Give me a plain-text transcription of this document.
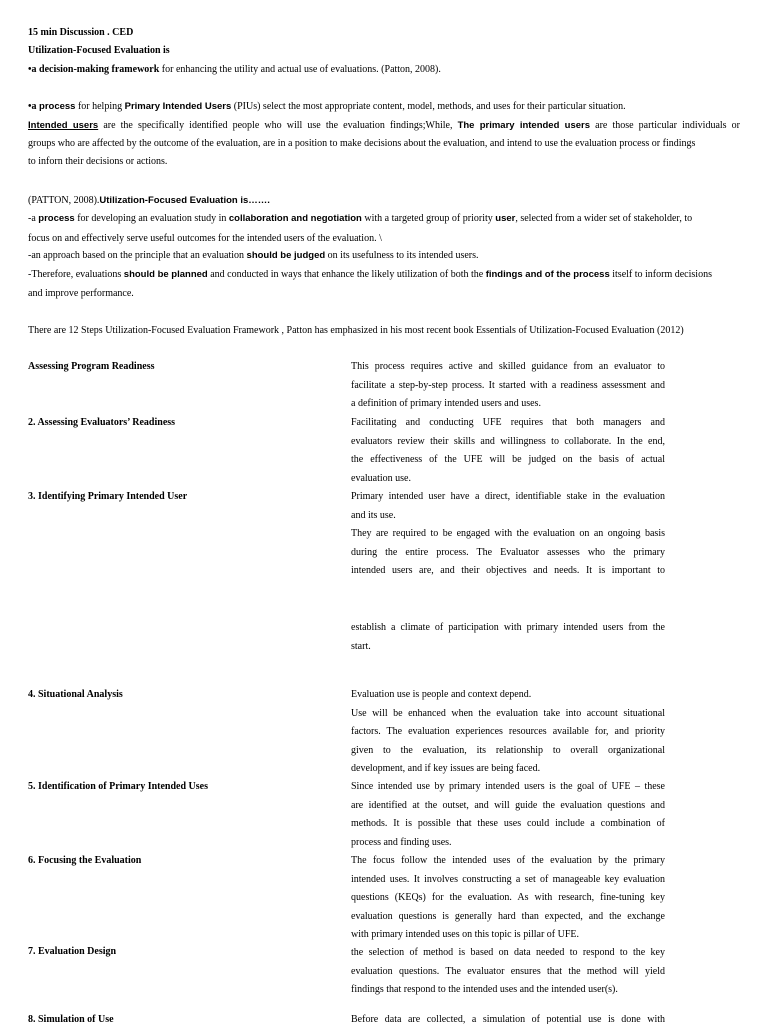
15 min Discussion . CED
Utilization-Focused Evaluation is
•a decision-making framework for enhancing the utility and actual use of evaluations. (Patton, 2008).
•a process for helping Primary Intended Users (PIUs) select the most appropriate content, model, methods, and uses for their particular situation.
Intended users are the specifically identified people who will use the evaluation findings;While, The primary intended users are those particular individuals or
groups who are affected by the outcome of the evaluation, are in a position to make decisions about the evaluation, and intend to use the evaluation process or findings
to inforn their decisions or actions.
(PATTON, 2008).Utilization-Focused Evaluation is…….
-a process for developing an evaluation study in collaboration and negotiation with a targeted group of priority user, selected from a wider set of stakeholder, to
focus on and effectively serve useful outcomes for the intended users of the evaluation. \
-an approach based on the principle that an evaluation should be judged on its usefulness to its intended users.
-Therefore, evaluations should be planned and conducted in ways that enhance the likely utilization of both the findings and of the process itself to inform decisions
and improve performance.
There are 12 Steps Utilization-Focused Evaluation Framework , Patton has emphasized in his most recent book Essentials of Utilization-Focused Evaluation (2012)
Assessing Program Readiness	This process requires active and skilled guidance from an evaluator to
facilitate a step-by-step process. It started with a readiness assessment and
a definition of primary intended users and uses.
2. Assessing Evaluators’ Readiness	Facilitating and conducting UFE requires that both managers and
evaluators review their skills and willingness to collaborate. In the end,
the effectiveness of the UFE will be judged on the basis of actual
evaluation use.
3. Identifying Primary Intended User	Primary intended user have a direct, identifiable stake in the evaluation
and its use.
They are required to be engaged with the evaluation on an ongoing basis
during the entire process. The Evaluator assesses who the primary
intended users are, and their objectives and needs. It is important to
establish a climate of participation with primary intended users from the
start.
4. Situational Analysis	Evaluation use is people and context depend.
Use will be enhanced when the evaluation take into account situational
factors. The evaluation experiences resources available for, and priority
given to the evaluation, its relationship to overall organizational
development, and if key issues are being faced.
5. Identification of Primary Intended Uses	Since intended use by primary intended users is the goal of UFE – these
are identified at the outset, and will guide the evaluation questions and
methods. It is possible that these uses could include a combination of
process and finding uses.
6. Focusing the Evaluation	The focus follow the intended uses of the evaluation by the primary
intended uses. It involves constructing a set of manageable key evaluation
questions (KEQs) for the evaluation. As with research, fine-tuning key
evaluation questions is generally hard than expected, and the exchange
with primary intended uses on this topic is pillar of UFE.
7. Evaluation Design	the selection of method is based on data needed to respond to the key
evaluation questions. The evaluator ensures that the method will yield
findings that respond to the intended uses and the intended user(s).
8. Simulation of Use	Before data are collected, a simulation of potential use is done with
